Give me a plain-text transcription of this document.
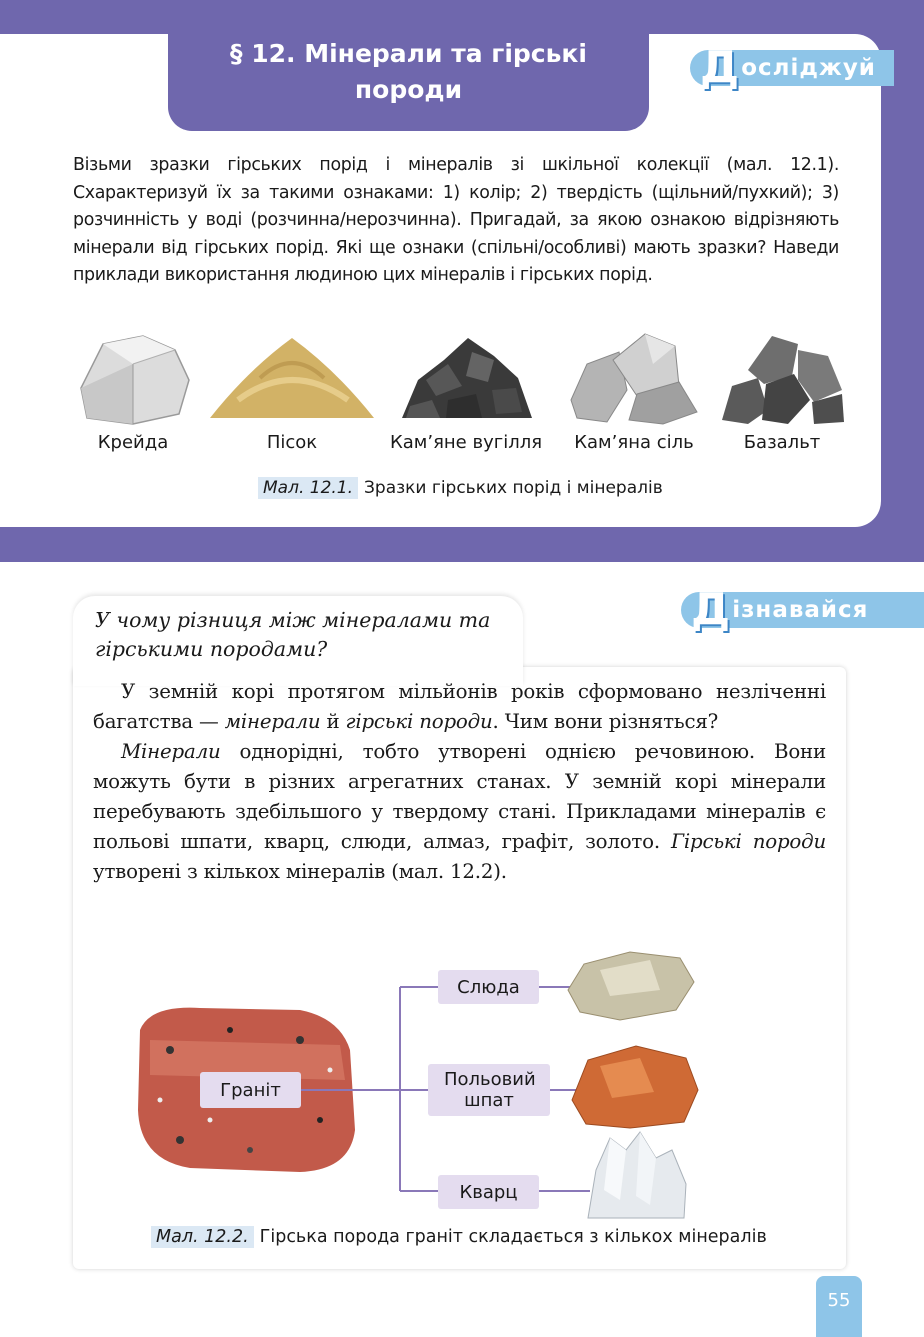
§ 12. Мінерали та гірські породи	Д ослiджуй
Візьми зразки гірських порід і мінералів зі шкільної колекції (мал. 12.1). Схарактеризуй їх за такими ознаками: 1) колір; 2) твердість (щільний/пухкий); 3) розчинність у воді (розчинна/нерозчинна). Пригадай, за якою ознакою відрізняють мінерали від гірських порід. Які ще ознаки (спільні/особливі) мають зразки? Наведи приклади використання людиною цих мінералів і гірських порід.
Крейда	Пісок	Кам’яне вугілля	Кам’яна сіль	Базальт
Мал. 12.1. Зразки гірських порід і мінералів
У чому різниця між мінералами та гірськими породами?
Д ізнавайся

У земній корі протягом мільйонів років сформовано незліченні багатства — мінерали й гірські породи. Чим вони різняться?

Мінерали однорідні, тобто утворені однією речовиною. Вони можуть бути в різних агрегатних станах. У земній корі мінерали перебувають здебільшого у твердому стані. Прикладами мінералів є польові шпати, кварц, слюди, алмаз, графіт, золото. Гірські породи утворені з кількох мінералів (мал. 12.2).

Граніт
Слюда
Польовий шпат
Кварц
Мал. 12.2. Гірська порода граніт складається з кількох мінералів
55
